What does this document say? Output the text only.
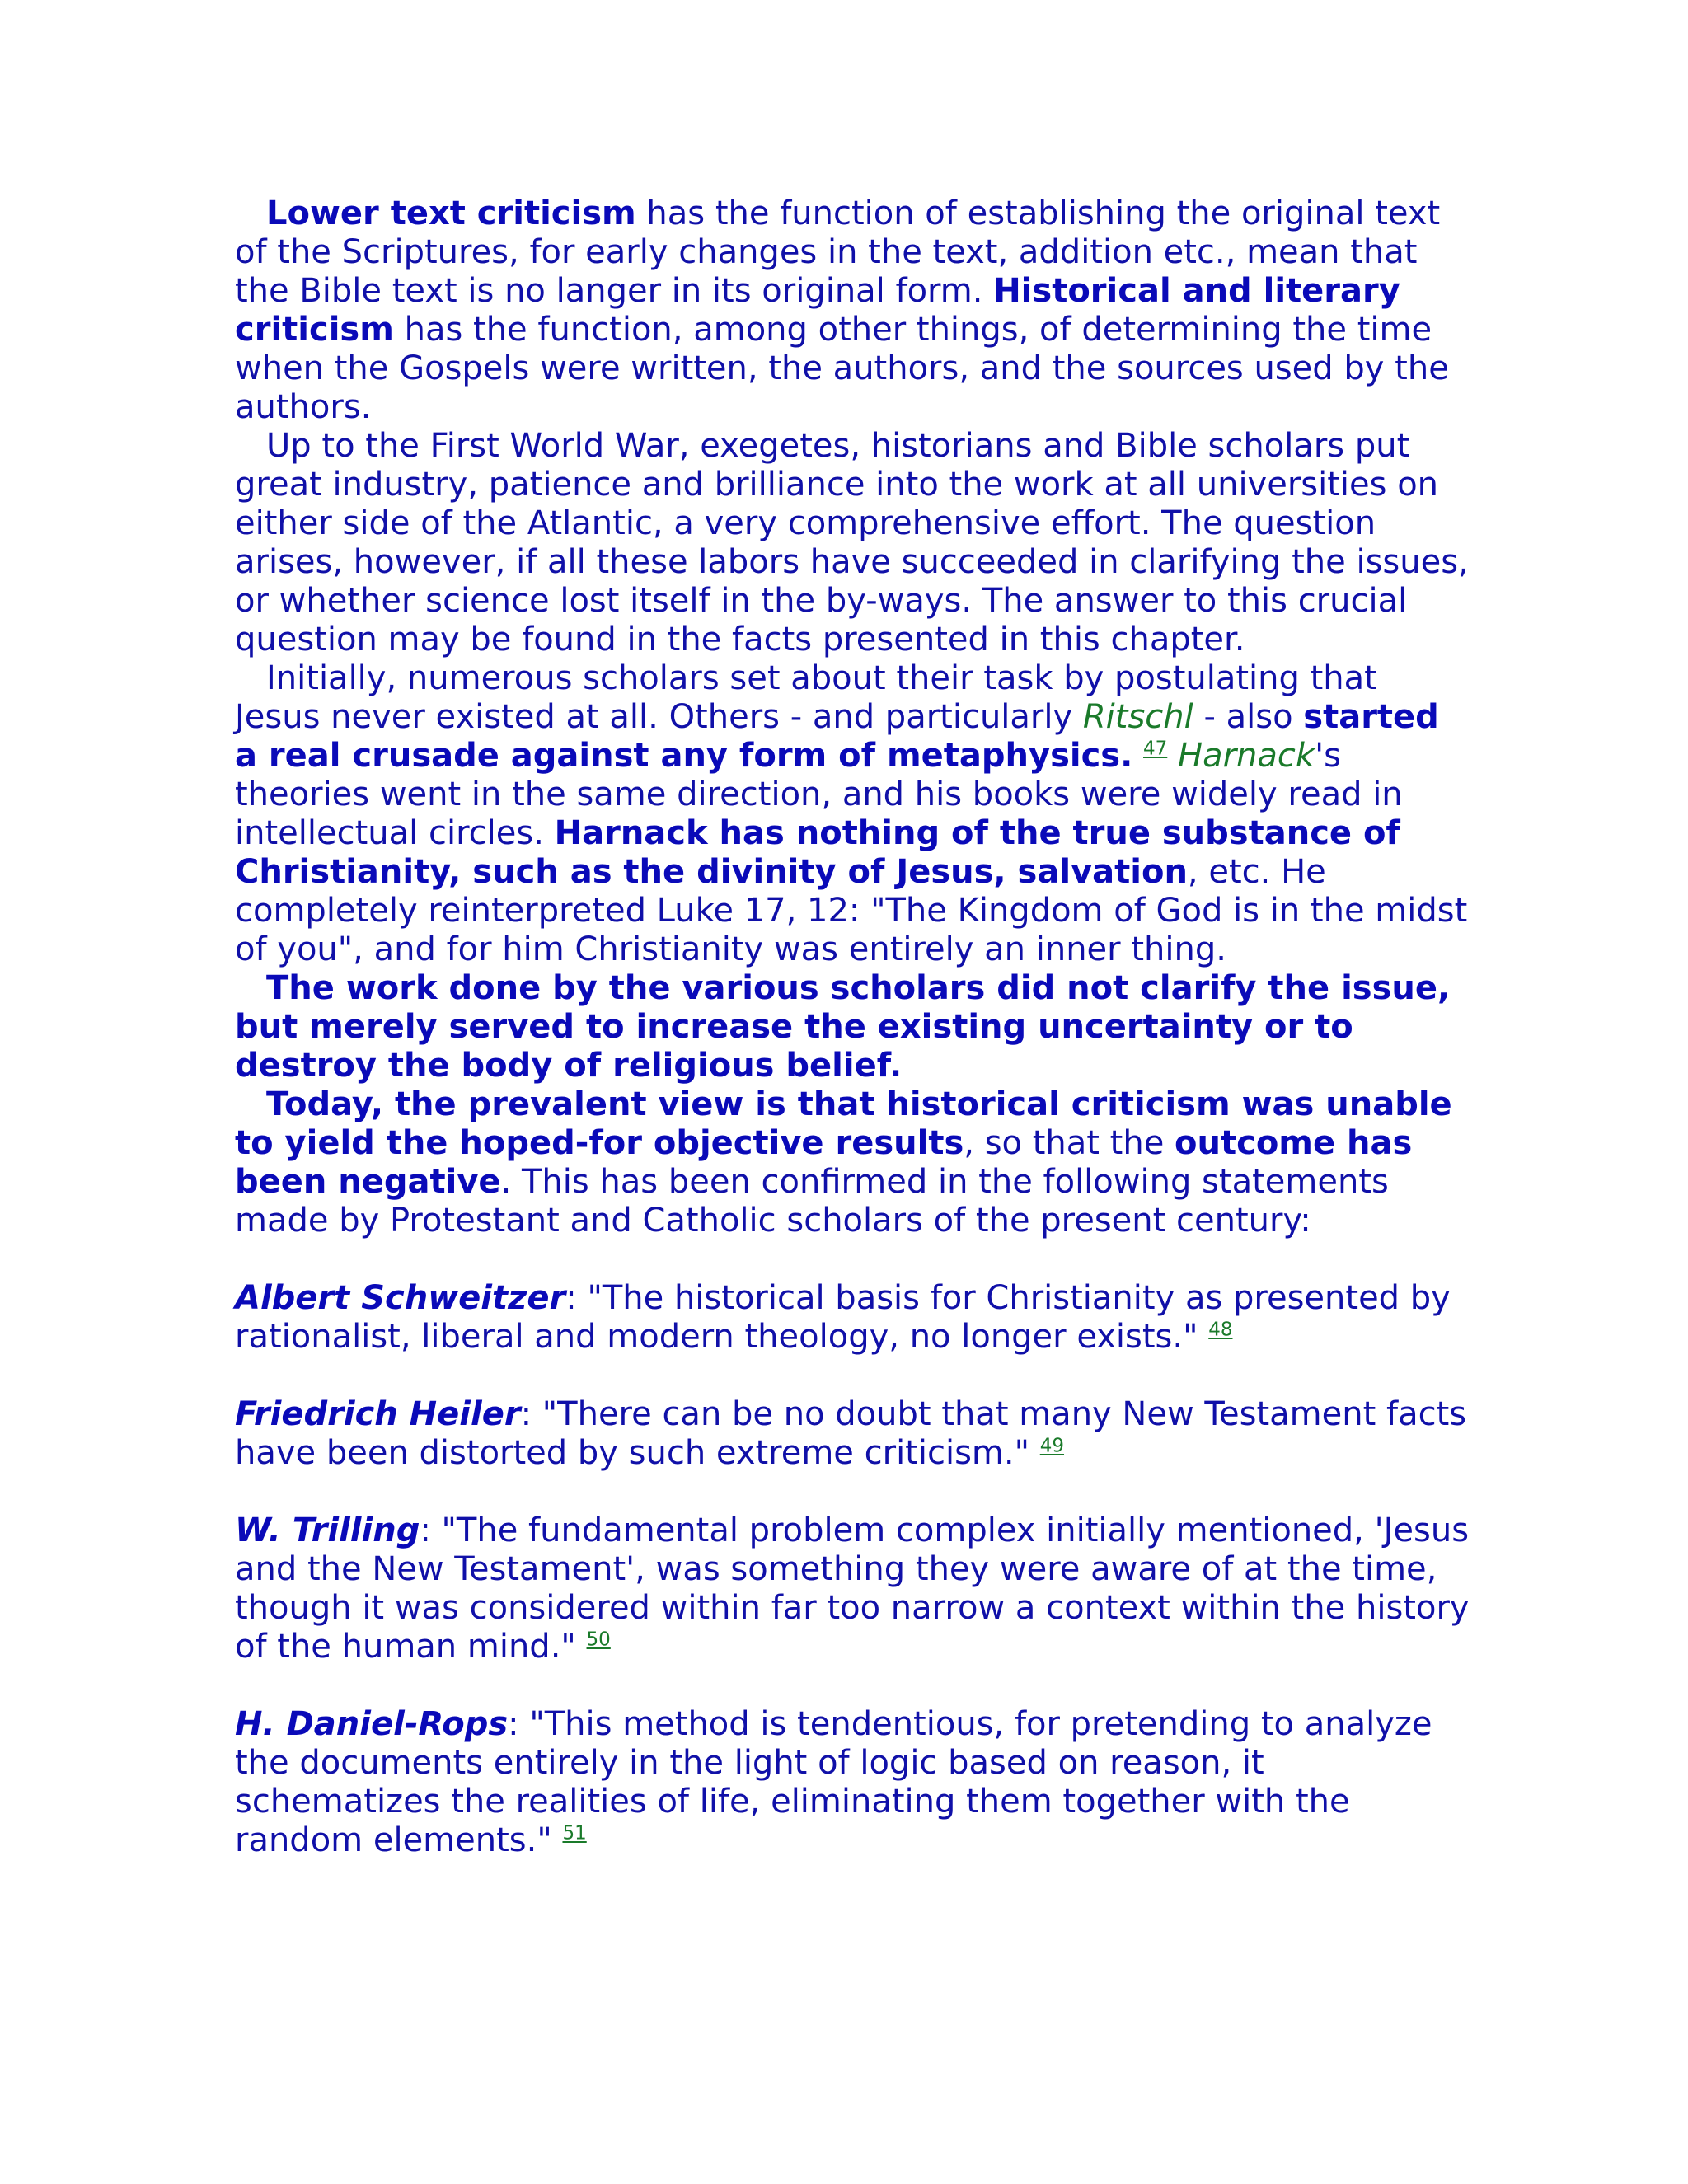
Lower text criticism has the function of establishing the original text of the Scriptures, for early changes in the text, addition etc., mean that the Bible text is no langer in its original form. Historical and literary criticism has the function, among other things, of determining the time when the Gospels were written, the authors, and the sources used by the authors.

Up to the First World War, exegetes, historians and Bible scholars put great industry, patience and brilliance into the work at all universities on either side of the Atlantic, a very comprehensive effort. The question arises, however, if all these labors have succeeded in clarifying the issues, or whether science lost itself in the by-ways. The answer to this crucial question may be found in the facts presented in this chapter.

Initially, numerous scholars set about their task by postulating that Jesus never existed at all. Others - and particularly Ritschl - also started a real crusade against any form of metaphysics. $^{47}$ Harnack's theories went in the same direction, and his books were widely read in intellectual circles. Harnack has nothing of the true substance of Christianity, such as the divinity of Jesus, salvation, etc. He completely reinterpreted Luke 17, 12: "The Kingdom of God is in the midst of you", and for him Christianity was entirely an inner thing.

The work done by the various scholars did not clarify the issue, but merely served to increase the existing uncertainty or to destroy the body of religious belief.

Today, the prevalent view is that historical criticism was unable to yield the hoped-for objective results, so that the outcome has been negative. This has been confirmed in the following statements made by Protestant and Catholic scholars of the present century:

Albert Schweitzer: "The historical basis for Christianity as presented by rationalist, liberal and modern theology, no longer exists." $^{48}$

Friedrich Heiler: "There can be no doubt that many New Testament facts have been distorted by such extreme criticism." $^{49}$

W. Trilling: "The fundamental problem complex initially mentioned, 'Jesus and the New Testament', was something they were aware of at the time, though it was considered within far too narrow a context within the history of the human mind." $^{50}$

H. Daniel-Rops: "This method is tendentious, for pretending to analyze the documents entirely in the light of logic based on reason, it schematizes the realities of life, eliminating them together with the random elements." $^{51}$
